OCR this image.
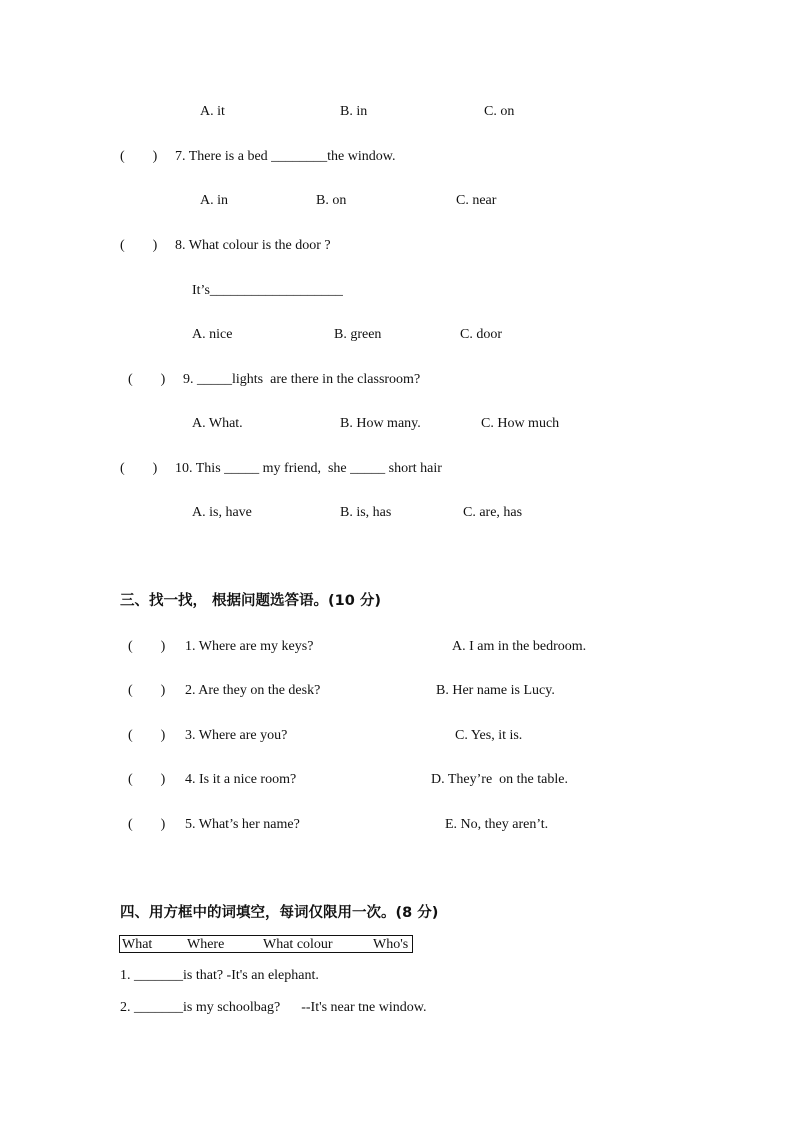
A. it	B. in	C. on
(        ) 7. There is a bed ________the window.
A. in	B. on	C. near
(        ) 8. What colour is the door ?
It’s___________________
A. nice	B. green	C. door
(        ) 9. _____lights  are there in the classroom?
A. What.	B. How many.	C. How much
(        ) 10. This _____ my friend,  she _____ short hair
A. is, have	B. is, has	C. are, has
三、找一找， 根据问题选答语。(10 分)
(        ) 1. Where are my keys?	A. I am in the bedroom.
(        ) 2. Are they on the desk?	B. Her name is Lucy.
(        ) 3. Where are you?	C. Yes, it is.
(        ) 4. Is it a nice room?	D. They’re  on the table.
(        ) 5. What’s her name?	E. No, they aren’t.
四、用方框中的词填空，每词仅限用一次。(8 分)
What Where	What colour	Who's
1. _______is that? -It's an elephant.
2. _______is my schoolbag?      --It's near tne window.
